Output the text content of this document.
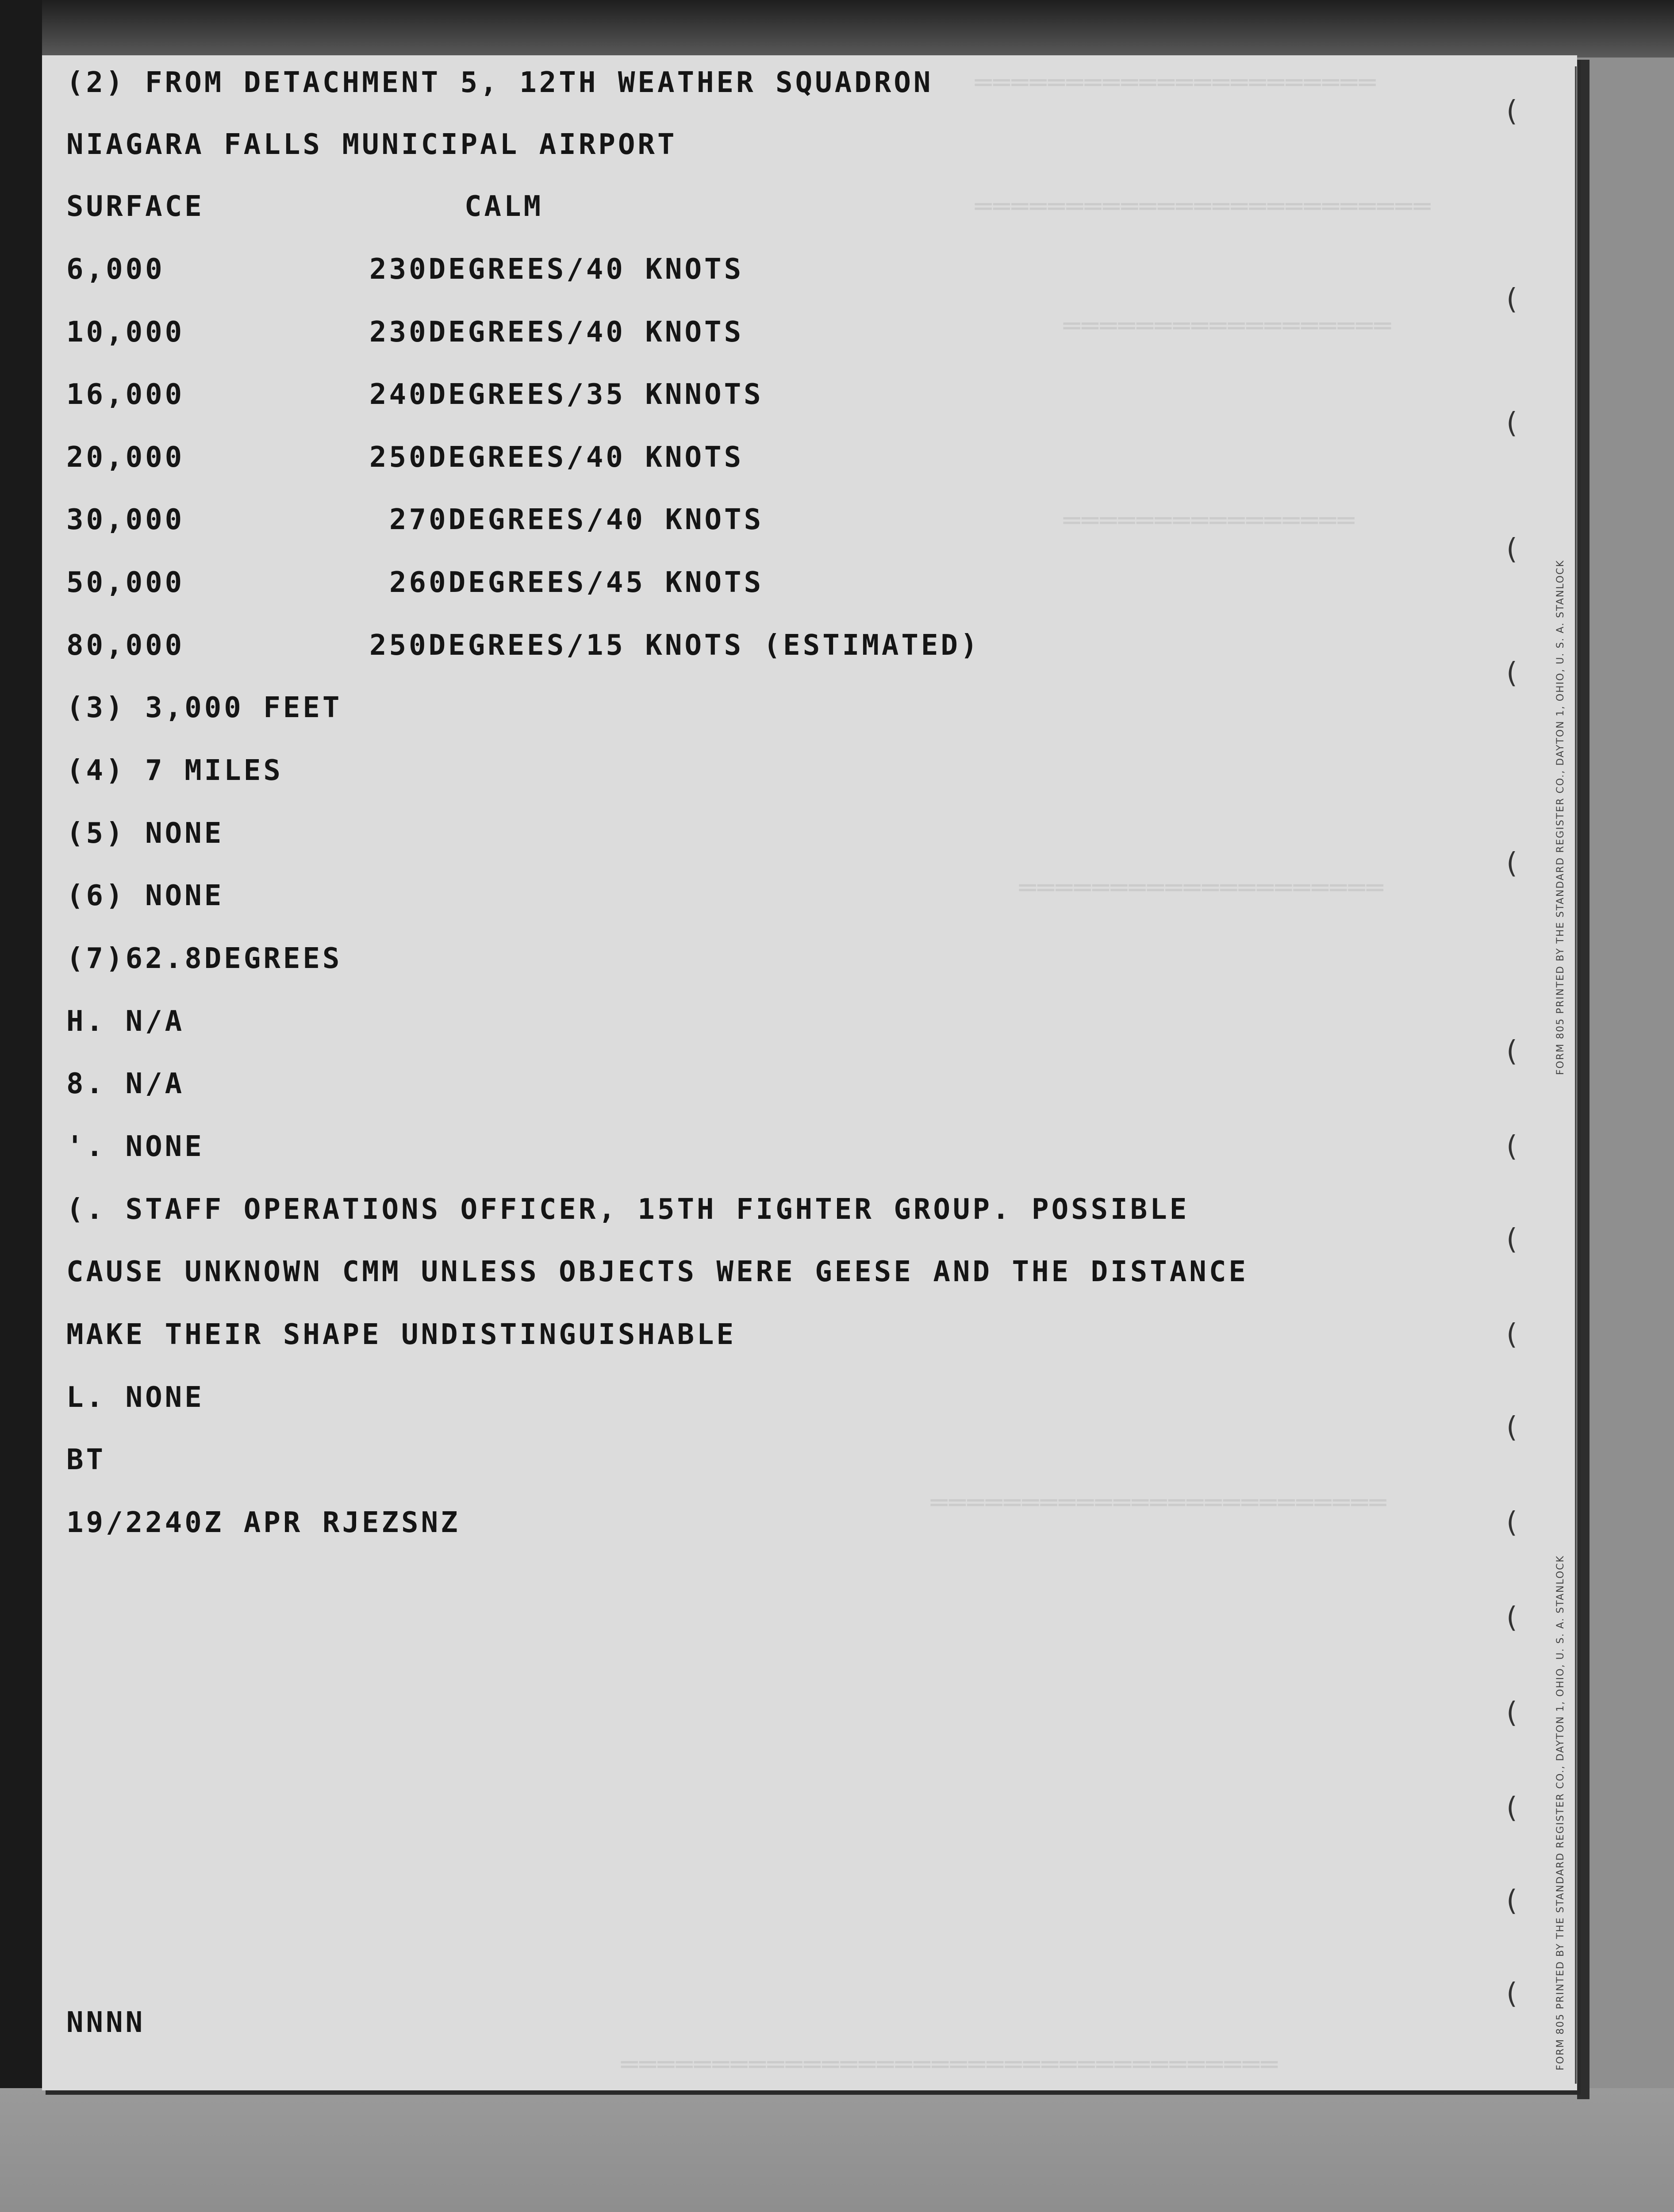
══════════════════════
═════════════════════════
══════════════════
════════════════
════════════════════
═════════════════════════
════════════════════════════════════
(2) FROM DETACHMENT 5, 12TH WEATHER SQUADRON
NIAGARA FALLS MUNICIPAL AIRPORT
SURFACE	CALM
6,000	230DEGREES/40 KNOTS
10,000	230DEGREES/40 KNOTS
16,000	240DEGREES/35 KNNOTS
20,000	250DEGREES/40 KNOTS
30,000	270DEGREES/40 KNOTS
50,000	260DEGREES/45 KNOTS
80,000	250DEGREES/15 KNOTS (ESTIMATED)
(3) 3,000 FEET
(4) 7 MILES
(5) NONE
(6) NONE
(7)62.8DEGREES
H. N/A
8. N/A
'. NONE
(. STAFF OPERATIONS OFFICER, 15TH FIGHTER GROUP. POSSIBLE
CAUSE UNKNOWN CMM UNLESS OBJECTS WERE GEESE AND THE DISTANCE
MAKE THEIR SHAPE UNDISTINGUISHABLE
L. NONE
BT
19/2240Z APR RJEZSNZ
NNNN
(
(
(
(
(
(
(
(
(
(
(
(
(
(
(
(
(
FORM 805 PRINTED BY THE STANDARD REGISTER CO., DAYTON 1, OHIO, U. S. A. STANLOCK
FORM 805 PRINTED BY THE STANDARD REGISTER CO., DAYTON 1, OHIO, U. S. A. STANLOCK
